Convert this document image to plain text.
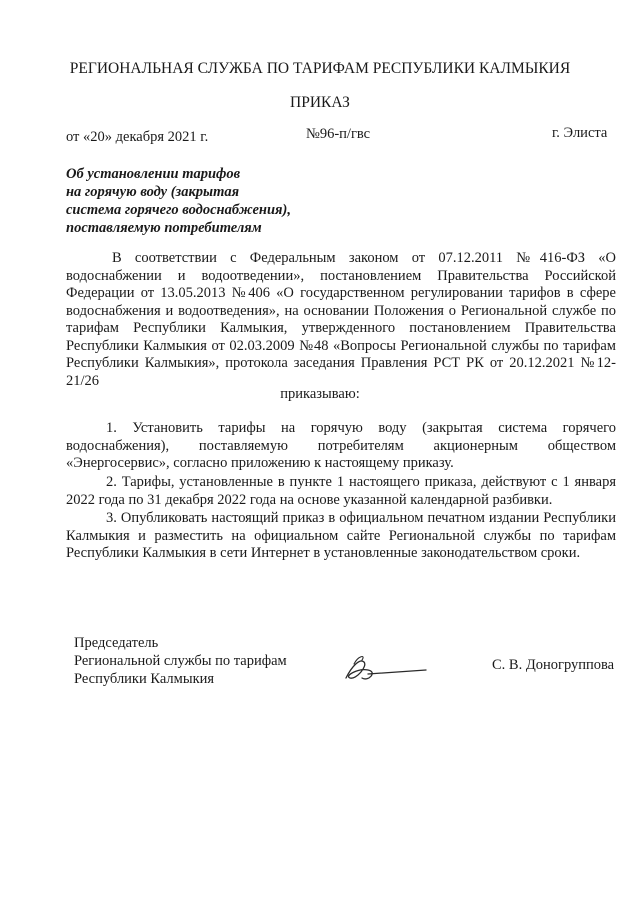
РЕГИОНАЛЬНАЯ СЛУЖБА ПО ТАРИФАМ РЕСПУБЛИКИ КАЛМЫКИЯ
ПРИКАЗ
от «20» декабря 2021 г.	№96-п/гвс	г. Элиста
Об установлении тарифов
на горячую воду (закрытая
система горячего водоснабжения),
поставляемую потребителям
В соответствии с Федеральным законом от 07.12.2011 №416-ФЗ «О водоснабжении и водоотведении», постановлением Правительства Российской Федерации от 13.05.2013 №406 «О государственном регулировании тарифов в сфере водоснабжения и водоотведения», на основании Положения о Региональной службе по тарифам Республики Калмыкия, утвержденного постановлением Правительства Республики Калмыкия от 02.03.2009 №48 «Вопросы Региональной службы по тарифам Республики Калмыкия», протокола заседания Правления РСТ РК от 20.12.2021 №12-21/26
приказываю:
1. Установить тарифы на горячую воду (закрытая система горячего водоснабжения), поставляемую потребителям акционерным обществом «Энергосервис», согласно приложению к настоящему приказу.
2. Тарифы, установленные в пункте 1 настоящего приказа, действуют с 1 января 2022 года по 31 декабря 2022 года на основе указанной календарной разбивки.
3. Опубликовать настоящий приказ в официальном печатном издании Республики Калмыкия и разместить на официальном сайте Региональной службы по тарифам Республики Калмыкия в сети Интернет в установленные законодательством сроки.
Председатель
Региональной службы по тарифам
Республики Калмыкия
С. В. Доногруппова
